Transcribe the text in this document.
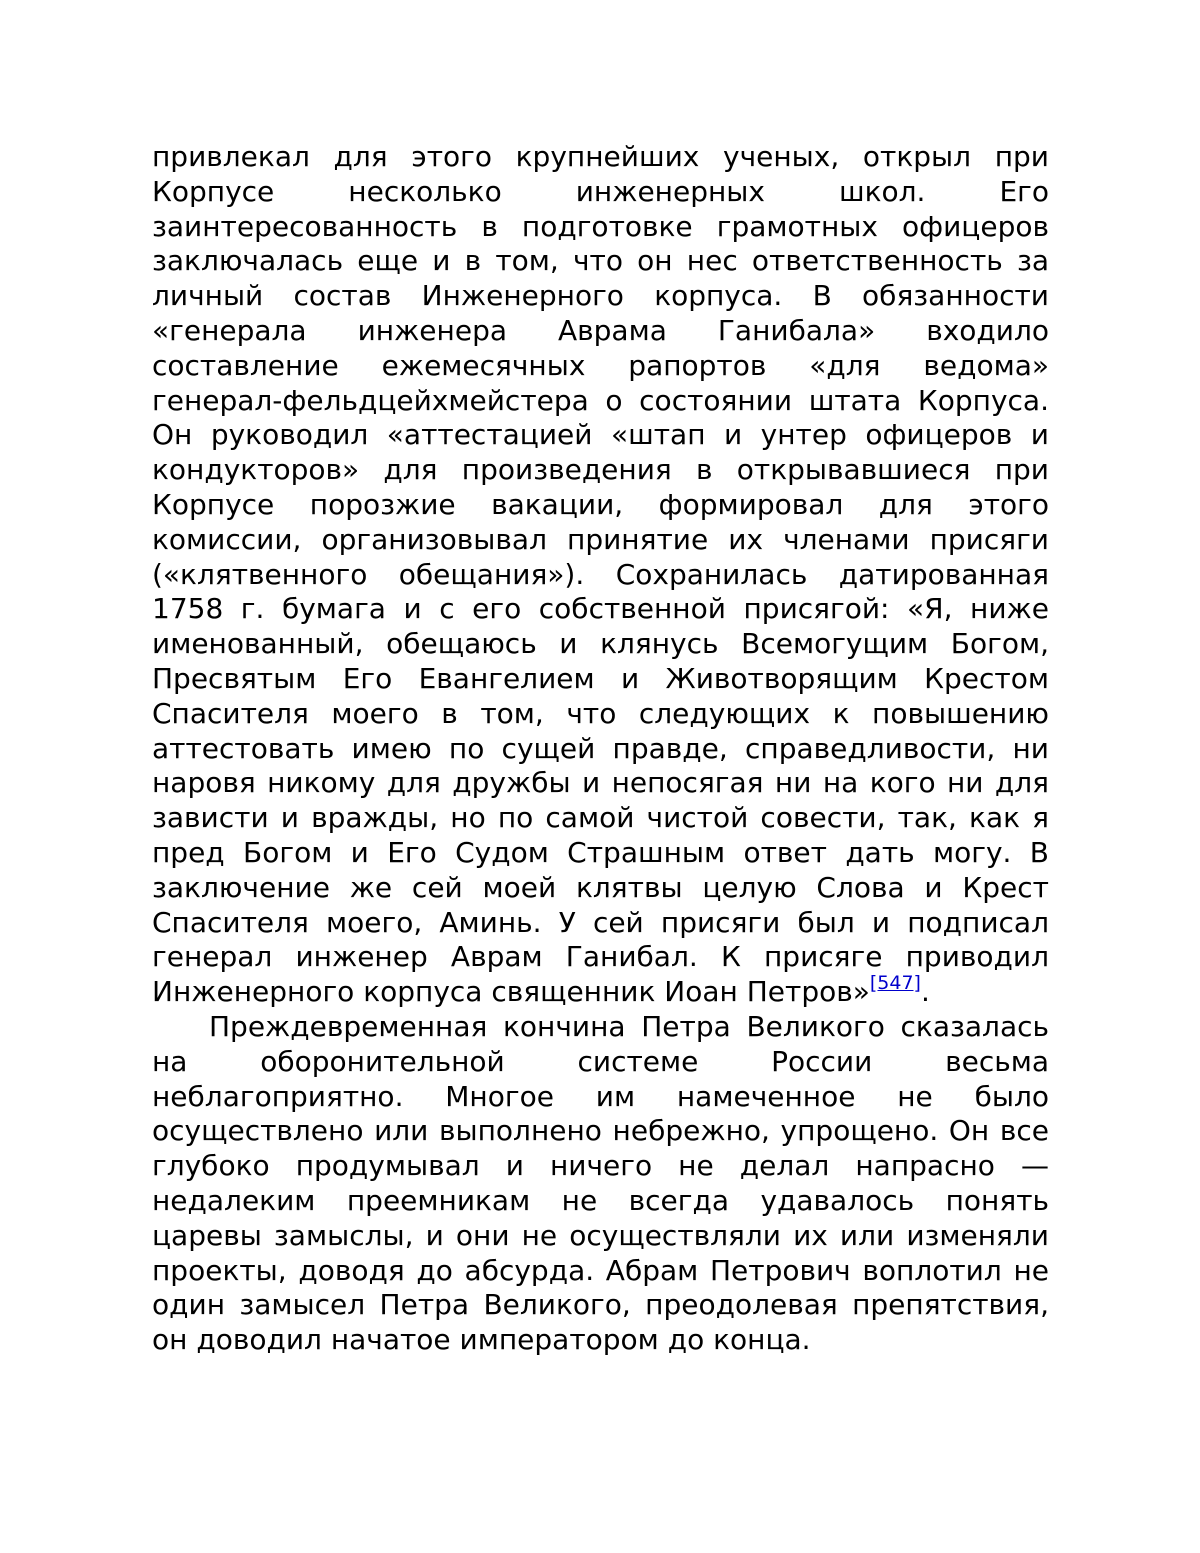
привлекал для этого крупнейших ученых, открыл при Корпусе несколько инженерных школ. Его заинтересованность в подготовке грамотных офицеров заключалась еще и в том, что он нес ответственность за личный состав Инженерного корпуса. В обязанности «генерала инженера Аврама Ганибала» входило составление ежемесячных рапортов «для ведома» генерал-фельдцейхмейстера о состоянии штата Корпуса. Он руководил «аттестацией «штап и унтер офицеров и кондукторов» для произведения в открывавшиеся при Корпусе порозжие вакации, формировал для этого комиссии, организовывал принятие их членами присяги («клятвенного обещания»). Сохранилась датированная 1758 г. бумага и с его собственной присягой: «Я, ниже именованный, обещаюсь и клянусь Всемогущим Богом, Пресвятым Его Евангелием и Животворящим Крестом Спасителя моего в том, что следующих к повышению аттестовать имею по сущей правде, справедливости, ни наровя никому для дружбы и непосягая ни на кого ни для зависти и вражды, но по самой чистой совести, так, как я пред Богом и Его Судом Страшным ответ дать могу. В заключение же сей моей клятвы целую Слова и Крест Спасителя моего, Аминь. У сей присяги был и подписал генерал инженер Аврам Ганибал. К присяге приводил Инженерного корпуса священник Иоан Петров»[547].

Преждевременная кончина Петра Великого сказалась на оборонительной системе России весьма неблагоприятно. Многое им намеченное не было осуществлено или выполнено небрежно, упрощено. Он все глубоко продумывал и ничего не делал напрасно — недалеким преемникам не всегда удавалось понять царевы замыслы, и они не осуществляли их или изменяли проекты, доводя до абсурда. Абрам Петрович воплотил не один замысел Петра Великого, преодолевая препятствия, он доводил начатое императором до конца.
